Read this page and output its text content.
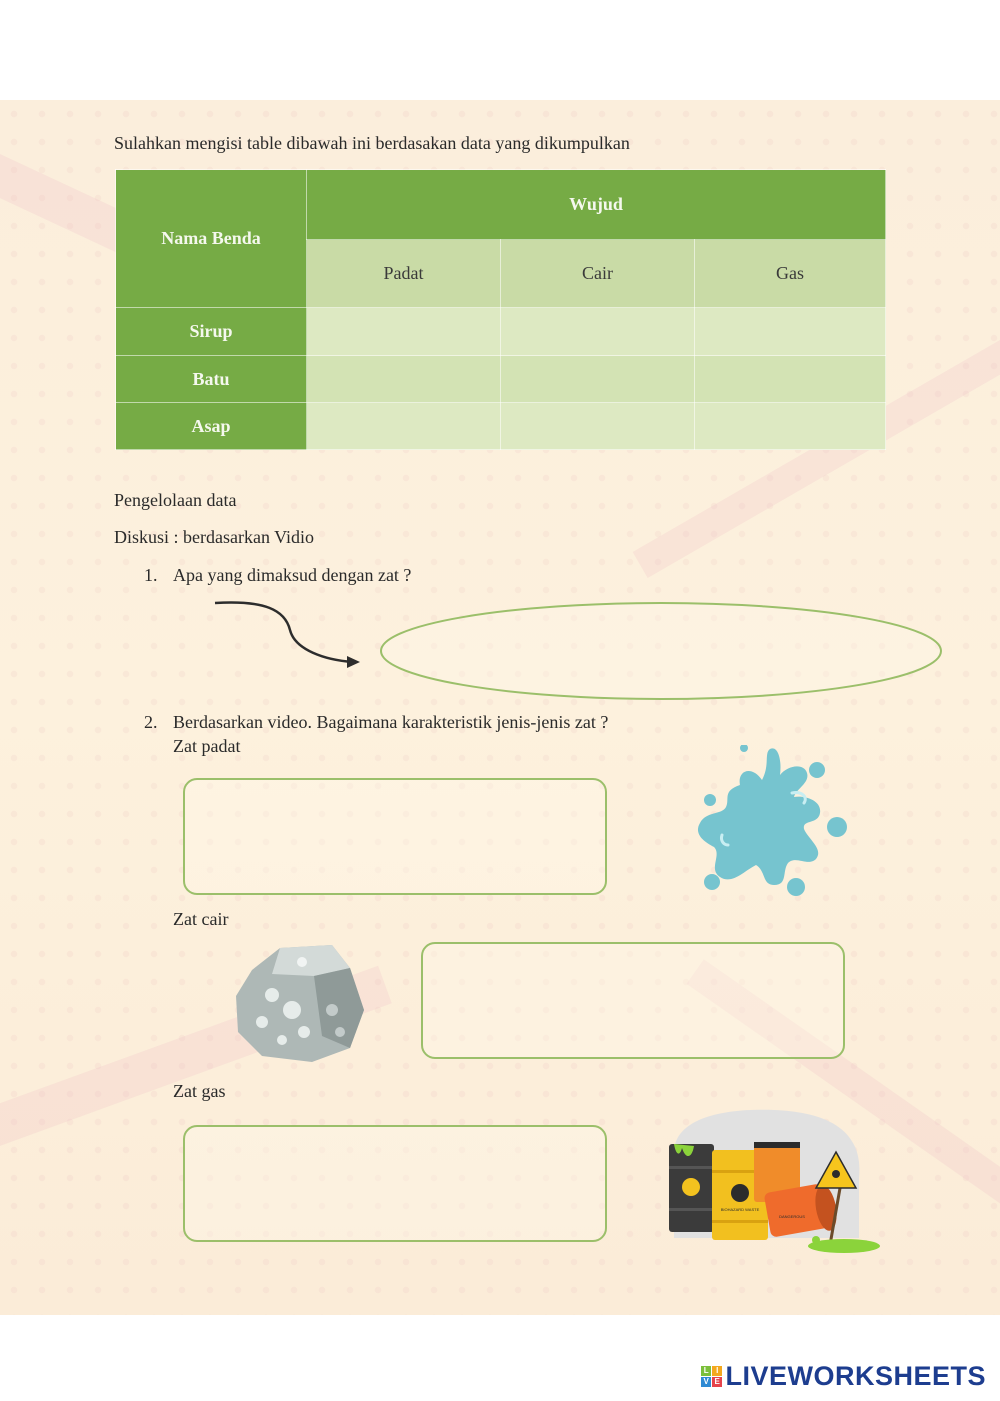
Sulahkan mengisi table dibawah ini berdasakan data yang dikumpulkan
Nama Benda	Wujud		
	Padat	Cair	Gas
Sirup			
Batu			
Asap			
Pengelolaan data
Diskusi : berdasarkan Vidio
1. Apa yang dimaksud dengan zat ?
2. Berdasarkan video. Bagaimana karakteristik jenis-jenis zat ?
Zat padat
Zat cair
Zat gas
BIOHAZARD WASTE
DANGEROUS
L I
V E LIVEWORKSHEETS
